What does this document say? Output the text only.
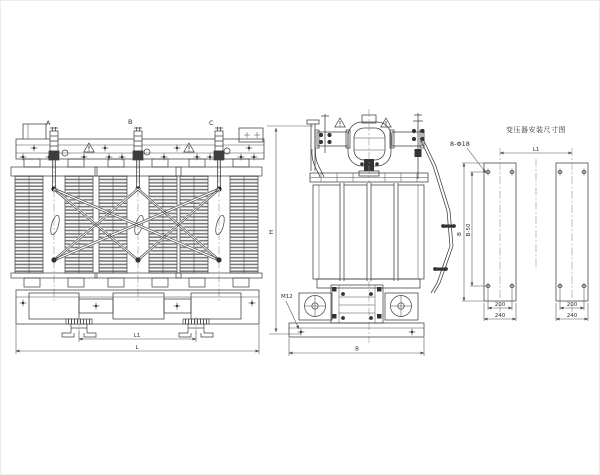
A	B	C
L1
L
H
M12
B
变压器安装尺寸图
8-Φ18
L1
B B-50
200
240
200
240
